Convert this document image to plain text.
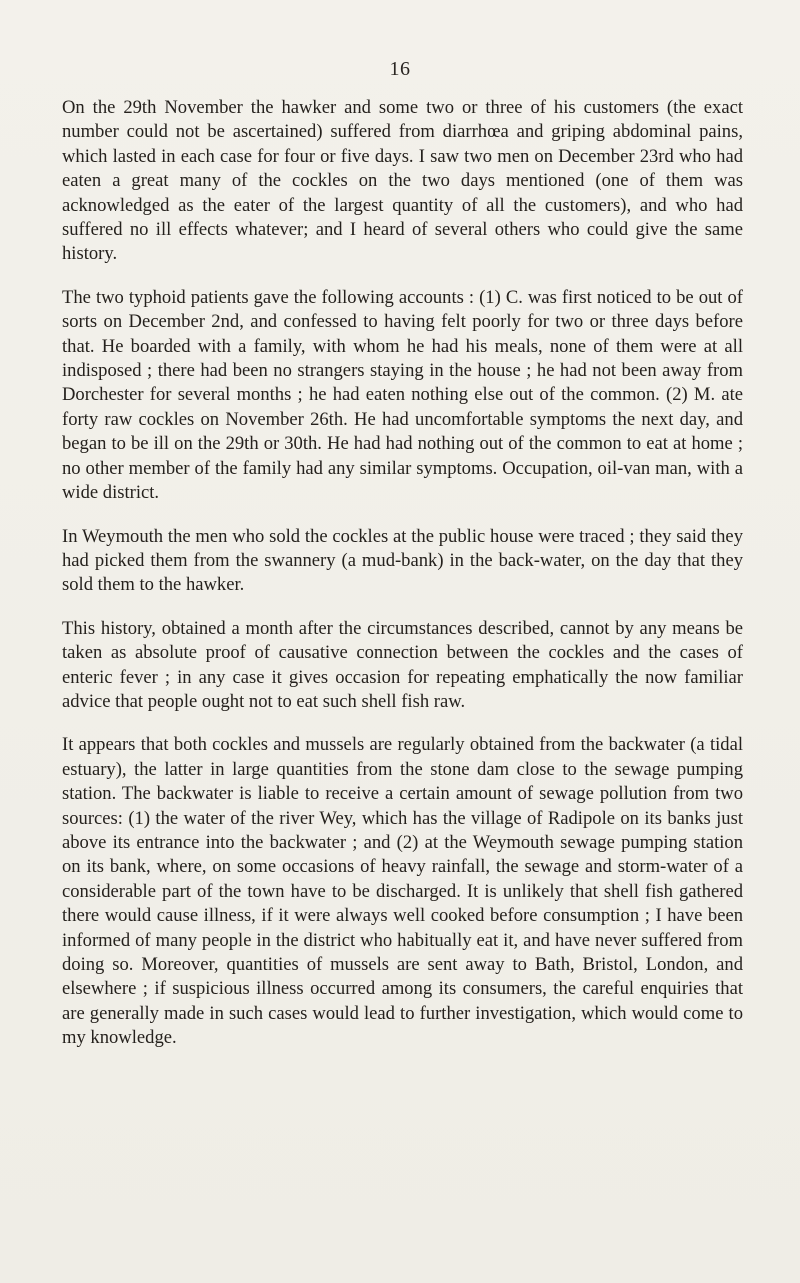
16

On the 29th November the hawker and some two or three of his customers (the exact number could not be ascertained) suffered from diarrhœa and griping abdominal pains, which lasted in each case for four or five days. I saw two men on December 23rd who had eaten a great many of the cockles on the two days mentioned (one of them was acknowledged as the eater of the largest quantity of all the customers), and who had suffered no ill effects whatever; and I heard of several others who could give the same history.

The two typhoid patients gave the following accounts : (1) C. was first noticed to be out of sorts on December 2nd, and confessed to having felt poorly for two or three days before that. He boarded with a family, with whom he had his meals, none of them were at all indisposed ; there had been no strangers staying in the house ; he had not been away from Dorchester for several months ; he had eaten nothing else out of the common. (2) M. ate forty raw cockles on November 26th. He had uncomfortable symptoms the next day, and began to be ill on the 29th or 30th. He had had nothing out of the common to eat at home ; no other member of the family had any similar symptoms. Occupation, oil-van man, with a wide district.

In Weymouth the men who sold the cockles at the public house were traced ; they said they had picked them from the swannery (a mud-bank) in the back-water, on the day that they sold them to the hawker.

This history, obtained a month after the circumstances described, cannot by any means be taken as absolute proof of causative connection between the cockles and the cases of enteric fever ; in any case it gives occasion for repeating emphatically the now familiar advice that people ought not to eat such shell fish raw.

It appears that both cockles and mussels are regularly obtained from the backwater (a tidal estuary), the latter in large quantities from the stone dam close to the sewage pumping station. The backwater is liable to receive a certain amount of sewage pollution from two sources: (1) the water of the river Wey, which has the village of Radipole on its banks just above its entrance into the backwater ; and (2) at the Weymouth sewage pumping station on its bank, where, on some occasions of heavy rainfall, the sewage and storm-water of a considerable part of the town have to be discharged. It is unlikely that shell fish gathered there would cause illness, if it were always well cooked before consumption ; I have been informed of many people in the district who habitually eat it, and have never suffered from doing so. Moreover, quantities of mussels are sent away to Bath, Bristol, London, and elsewhere ; if suspicious illness occurred among its consumers, the careful enquiries that are generally made in such cases would lead to further investigation, which would come to my knowledge.
